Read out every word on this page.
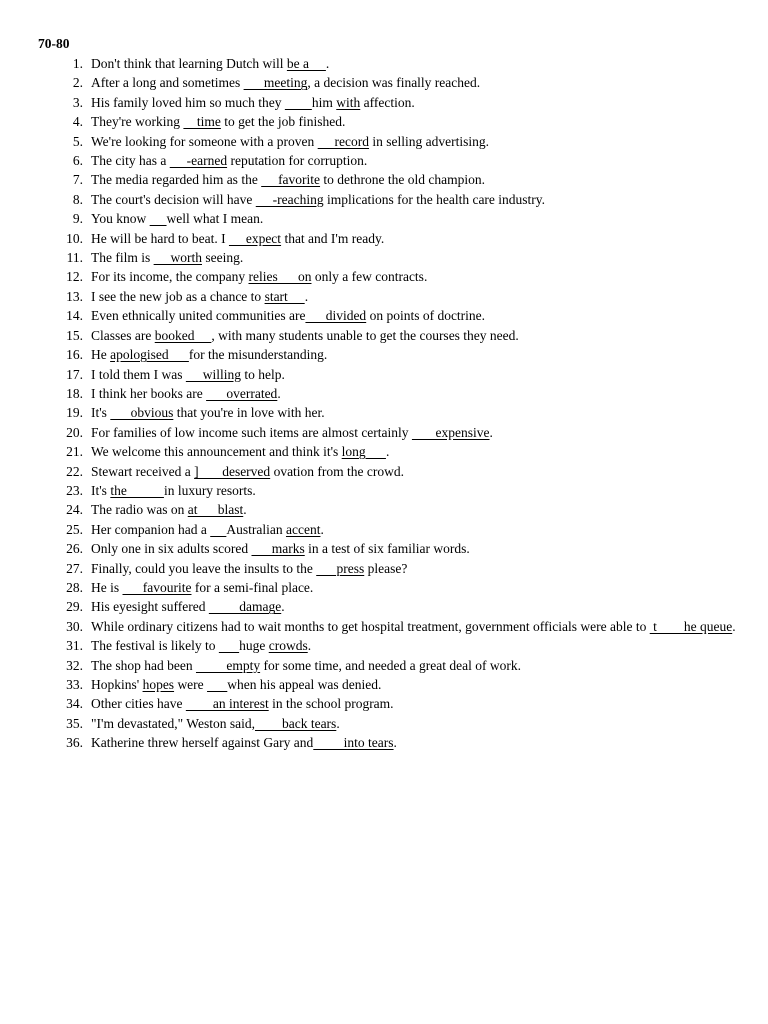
70-80
1. Don't think that learning Dutch will be a     .
2. After a long and sometimes       meeting, a decision was finally reached.
3. His family loved him so much they         him with affection.
4. They're working     time to get the job finished.
5. We're looking for someone with a proven      record in selling advertising.
6. The city has a      -earned reputation for corruption.
7. The media regarded him as the      favorite to dethrone the old champion.
8. The court's decision will have      -reaching implications for the health care industry.
9. You know      well what I mean.
10. He will be hard to beat. I      expect that and I'm ready.
11. The film is      worth seeing.
12. For its income, the company relies      on only a few contracts.
13. I see the new job as a chance to start     .
14. Even ethnically united communities are      divided on points of doctrine.
15. Classes are booked     , with many students unable to get the courses they need.
16. He apologised      for the misunderstanding.
17. I told them I was      willing to help.
18. I think her books are       overrated.
19. It's       obvious that you're in love with her.
20. For families of low income such items are almost certainly        expensive.
21. We welcome this announcement and think it's long      .
22. Stewart received a ]       deserved ovation from the crowd.
23. It's the           in luxury resorts.
24. The radio was on at      blast.
25. Her companion had a      Australian accent.
26. Only one in six adults scored       marks in a test of six familiar words.
27. Finally, could you leave the insults to the       press please?
28. He is       favourite for a semi-final place.
29. His eyesight suffered          damage.
30. While ordinary citizens had to wait months to get hospital treatment, government officials were able to  t        he queue.
31. The festival is likely to       huge crowds.
32. The shop had been          empty for some time, and needed a great deal of work.
33. Hopkins' hopes were       when his appeal was denied.
34. Other cities have         an interest in the school program.
35. "I'm devastated," Weston said,        back tears.
36. Katherine threw herself against Gary and         into tears.
